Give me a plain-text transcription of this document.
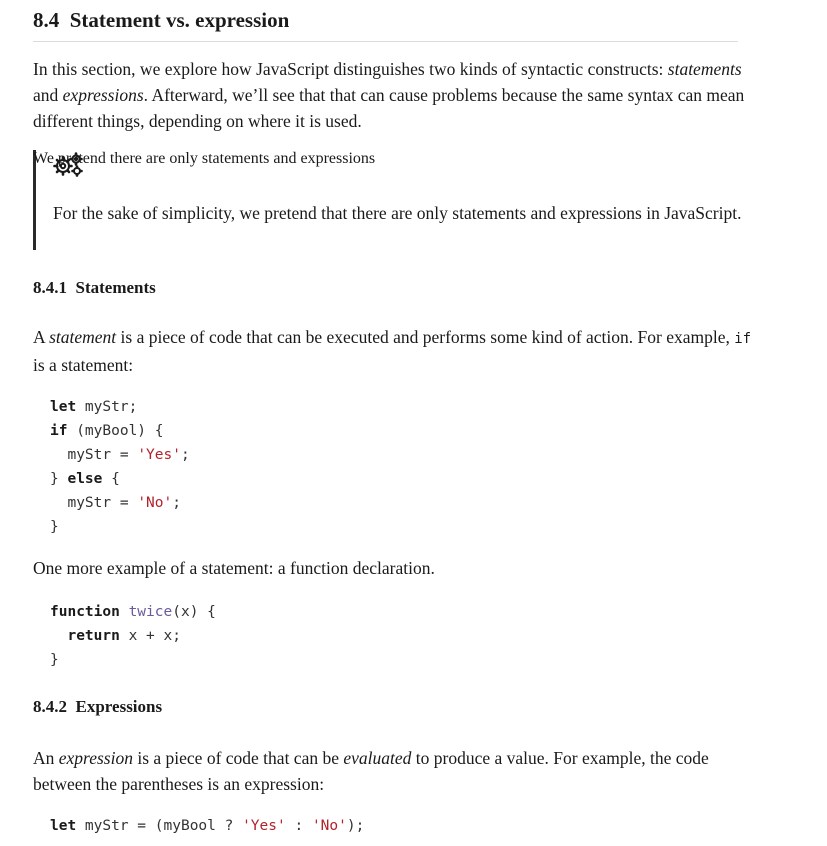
8.4 Statement vs. expression

In this section, we explore how JavaScript distinguishes two kinds of syntactic constructs: statements and expressions. Afterward, we’ll see that that can cause problems because the same syntax can mean different things, depending on where it is used.

We pretend there are only statements and expressions

For the sake of simplicity, we pretend that there are only statements and expressions in JavaScript.

8.4.1 Statements

A statement is a piece of code that can be executed and performs some kind of action. For example, if is a statement:

let myStr;
if (myBool) {
myStr = 'Yes';
} else {
myStr = 'No';
}

One more example of a statement: a function declaration.

function twice(x) {
return x + x;
}
8.4.2 Expressions

An expression is a piece of code that can be evaluated to produce a value. For example, the code between the parentheses is an expression:

let myStr = (myBool ? 'Yes' : 'No');
